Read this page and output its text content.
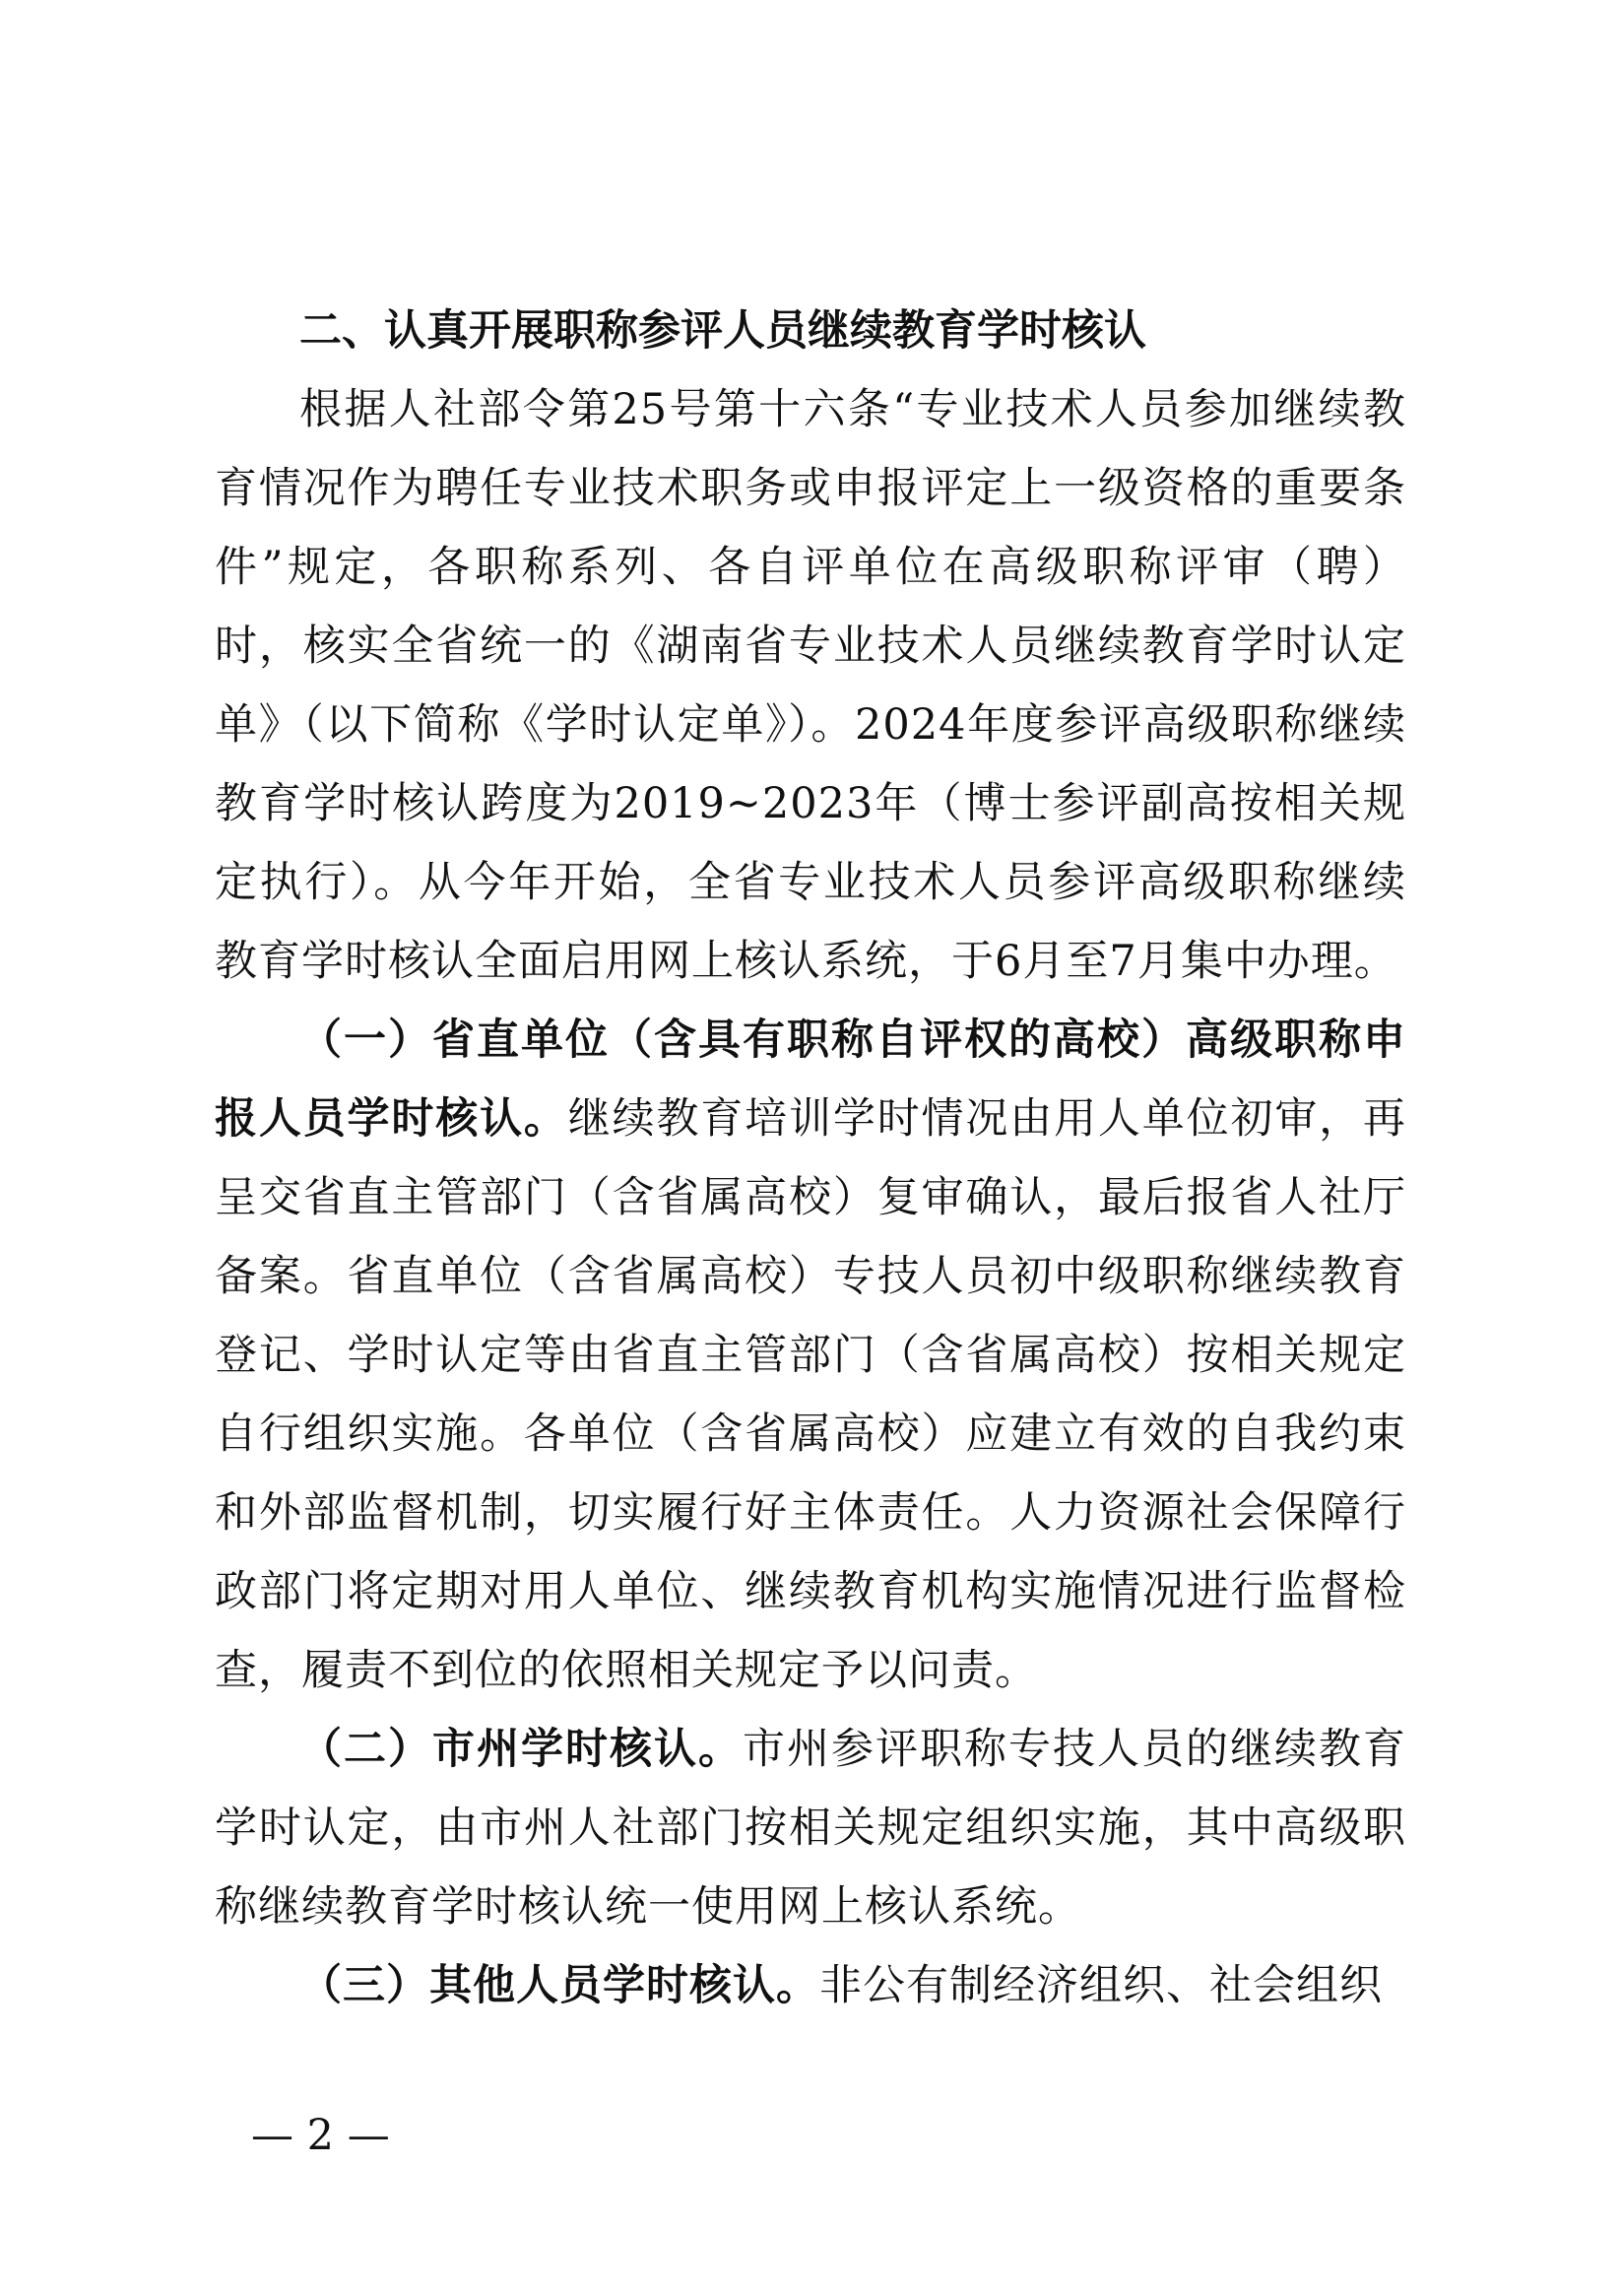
二、认真开展职称参评人员继续教育学时核认

根据人社部令第25号第十六条“专业技术人员参加继续教育情况作为聘任专业技术职务或申报评定上一级资格的重要条件”规定，各职称系列、各自评单位在高级职称评审（聘）时，核实全省统一的《湖南省专业技术人员继续教育学时认定单》（以下简称《学时认定单》）。2024年度参评高级职称继续教育学时核认跨度为2019~2023年（博士参评副高按相关规定执行）。从今年开始，全省专业技术人员参评高级职称继续教育学时核认全面启用网上核认系统，于6月至7月集中办理。

（一）省直单位（含具有职称自评权的高校）高级职称申报人员学时核认。继续教育培训学时情况由用人单位初审，再呈交省直主管部门（含省属高校）复审确认，最后报省人社厅备案。省直单位（含省属高校）专技人员初中级职称继续教育登记、学时认定等由省直主管部门（含省属高校）按相关规定自行组织实施。各单位（含省属高校）应建立有效的自我约束和外部监督机制，切实履行好主体责任。人力资源社会保障行政部门将定期对用人单位、继续教育机构实施情况进行监督检查，履责不到位的依照相关规定予以问责。

（二）市州学时核认。市州参评职称专技人员的继续教育学时认定，由市州人社部门按相关规定组织实施，其中高级职称继续教育学时核认统一使用网上核认系统。

（三）其他人员学时核认。非公有制经济组织、社会组织

— 2 —
